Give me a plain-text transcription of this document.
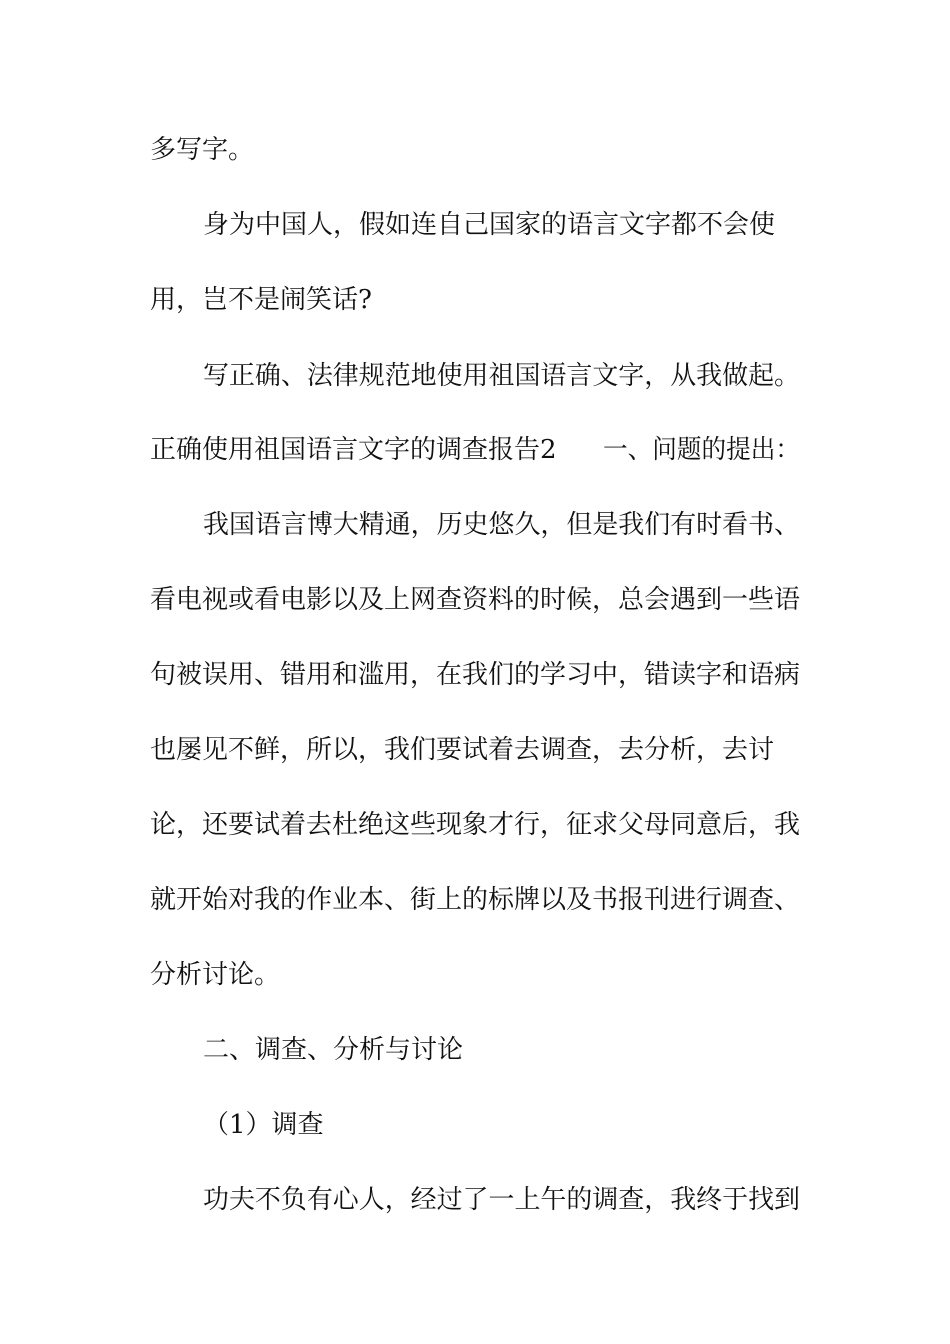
多写字。
身为中国人，假如连自己国家的语言文字都不会使
用，岂不是闹笑话?
写正确、法律规范地使用祖国语言文字，从我做起。
正确使用祖国语言文字的调查报告2 一、问题的提出：
我国语言博大精通，历史悠久，但是我们有时看书、
看电视或看电影以及上网查资料的时候，总会遇到一些语
句被误用、错用和滥用，在我们的学习中，错读字和语病
也屡见不鲜，所以，我们要试着去调查，去分析，去讨
论，还要试着去杜绝这些现象才行，征求父母同意后，我
就开始对我的作业本、街上的标牌以及书报刊进行调查、
分析讨论。
二、调查、分析与讨论
（1）调查
功夫不负有心人，经过了一上午的调查，我终于找到
